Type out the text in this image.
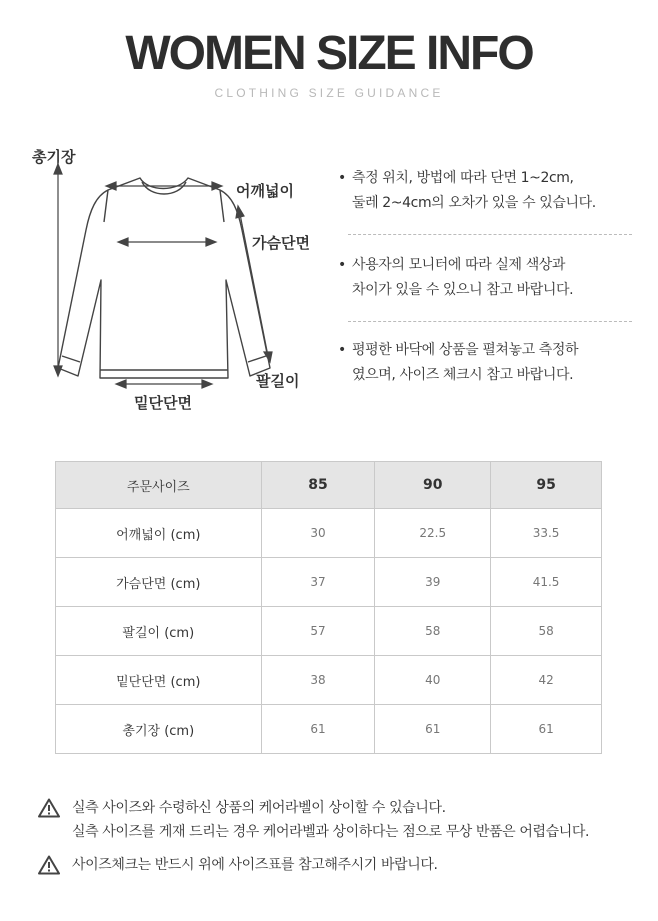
WOMEN SIZE INFO
CLOTHING SIZE GUIDANCE
총기장
어깨넓이
가슴단면
팔길이
밑단단면
• 측정 위치, 방법에 따라 단면 1~2cm,
둘레 2~4cm의 오차가 있을 수 있습니다.
• 사용자의 모니터에 따라 실제 색상과
차이가 있을 수 있으니 참고 바랍니다.
• 평평한 바닥에 상품을 펼쳐놓고 측정하
였으며, 사이즈 체크시 참고 바랍니다.
주문사이즈	85	90	95
어깨넓이 (cm)	30	22.5	33.5
가슴단면 (cm)	37	39	41.5
팔길이 (cm)	57	58	58
밑단단면 (cm)	38	40	42
총기장 (cm)	61	61	61
실측 사이즈와 수령하신 상품의 케어라벨이 상이할 수 있습니다.
실측 사이즈를 게재 드리는 경우 케어라벨과 상이하다는 점으로 무상 반품은 어렵습니다.
사이즈체크는 반드시 위에 사이즈표를 참고해주시기 바랍니다.
